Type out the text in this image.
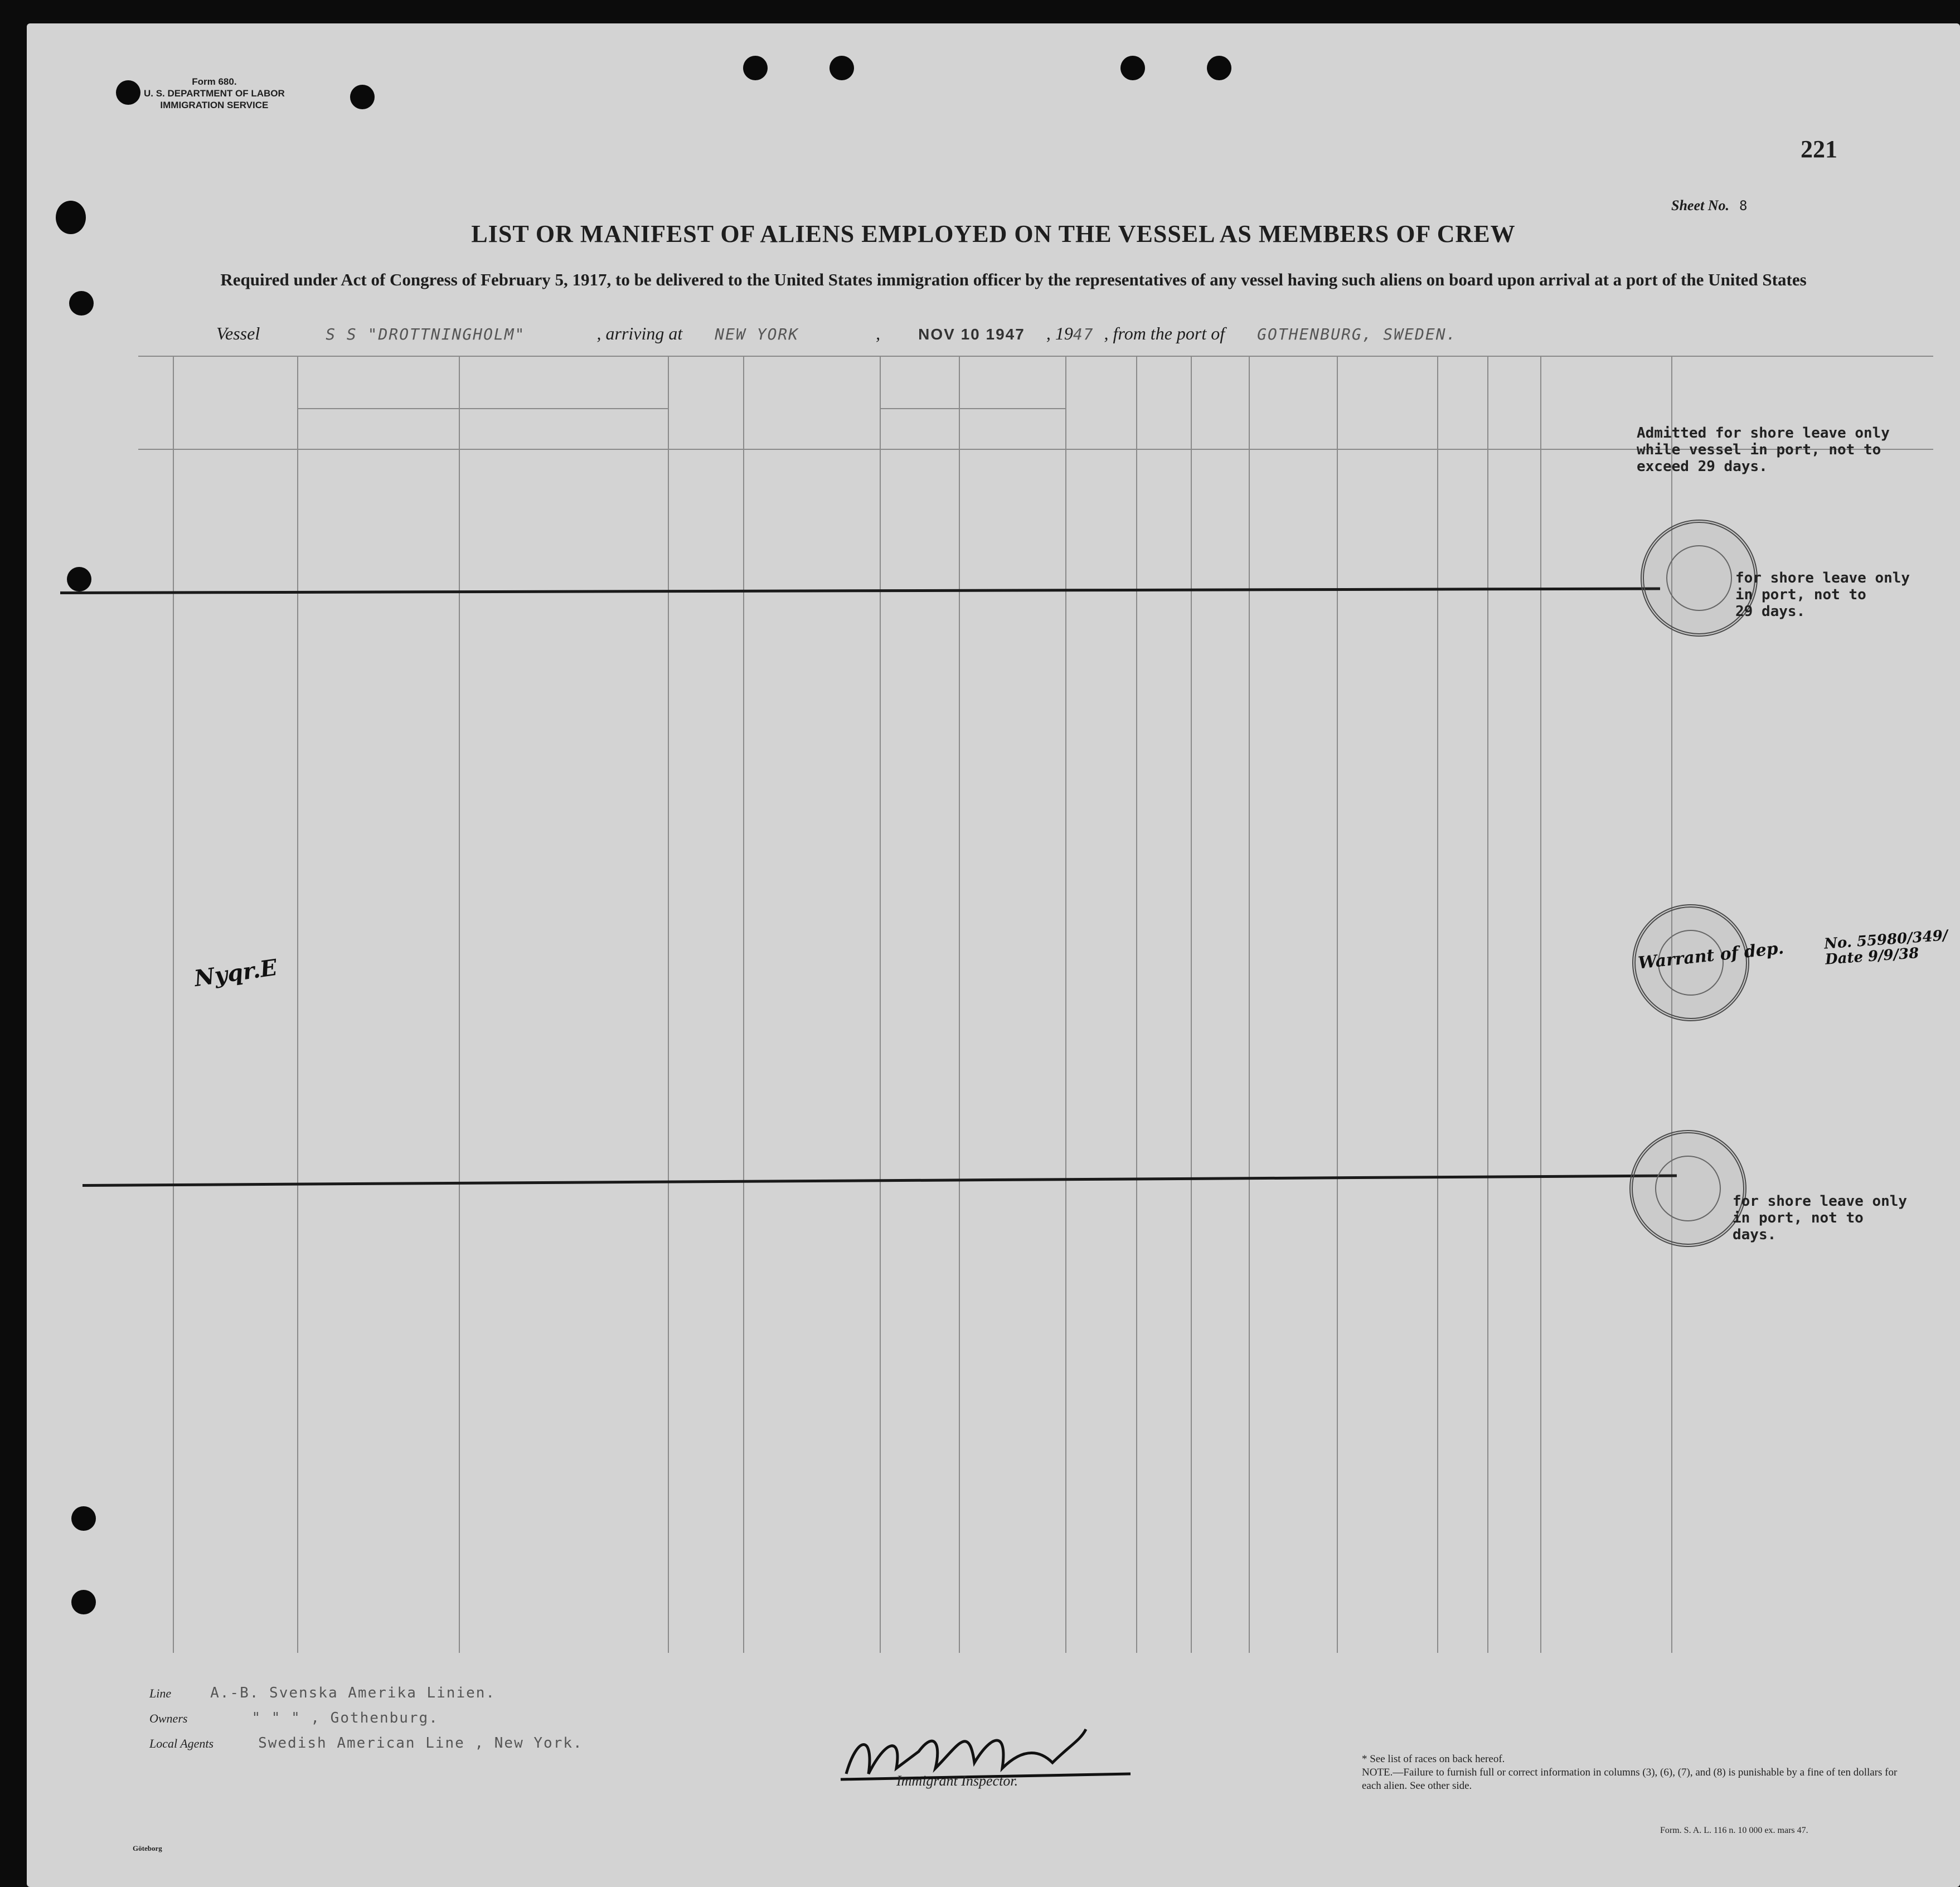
Form 680.
U. S. DEPARTMENT OF LABOR
IMMIGRATION SERVICE
221
Sheet No. 8
LIST OR MANIFEST OF ALIENS EMPLOYED ON THE VESSEL AS MEMBERS OF CREW
Required under Act of Congress of February 5, 1917, to be delivered to the United States immigration officer by the representatives of any vessel having such aliens on board upon arrival at a port of the United States
Vessel	S S "DROTTNINGHOLM"	, arriving at NEW YORK	, NOV 10 1947 , 1947 , from the port of GOTHENBURG, SWEDEN.
Admitted for shore leave only
while vessel in port, not to
exceed 29 days.
for shore leave only
in port, not to
29 days.
for shore leave only
in port, not to
days.
Warrant of dep.	No. 55980/349/
Date 9/9/38
Nyqr.E
Line	A.-B. Svenska Amerika Linien.
Owners	" " " , Gothenburg.
Local Agents	Swedish American Line , New York.
Immigrant Inspector.
* See list of races on back hereof.
NOTE.—Failure to furnish full or correct information in columns (3), (6), (7), and (8) is punishable by a fine of ten dollars for each alien. See other side.
Form. S. A. L. 116 n. 10 000 ex. mars 47.
Göteborg
